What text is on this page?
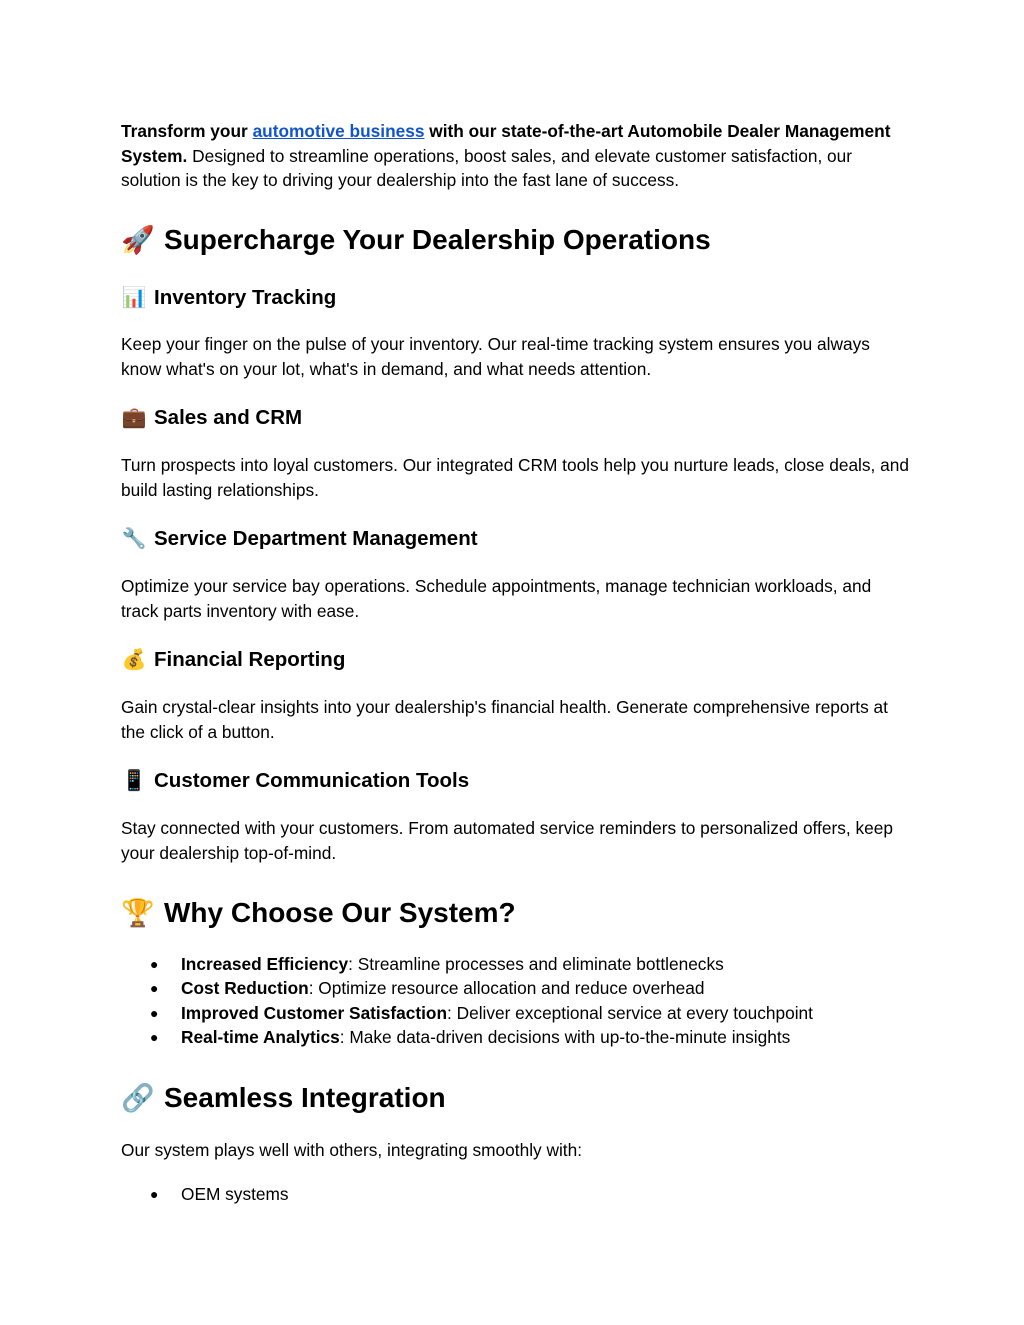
Transform your automotive business with our state-of-the-art Automobile Dealer Management System. Designed to streamline operations, boost sales, and elevate customer satisfaction, our solution is the key to driving your dealership into the fast lane of success.

🚀 Supercharge Your Dealership Operations
📊 Inventory Tracking

Keep your finger on the pulse of your inventory. Our real-time tracking system ensures you always know what's on your lot, what's in demand, and what needs attention.

💼 Sales and CRM

Turn prospects into loyal customers. Our integrated CRM tools help you nurture leads, close deals, and build lasting relationships.

🔧 Service Department Management

Optimize your service bay operations. Schedule appointments, manage technician workloads, and track parts inventory with ease.

💰 Financial Reporting

Gain crystal-clear insights into your dealership's financial health. Generate comprehensive reports at the click of a button.

📱 Customer Communication Tools

Stay connected with your customers. From automated service reminders to personalized offers, keep your dealership top-of-mind.

🏆 Why Choose Our System?
● Increased Efficiency: Streamline processes and eliminate bottlenecks
● Cost Reduction: Optimize resource allocation and reduce overhead
● Improved Customer Satisfaction: Deliver exceptional service at every touchpoint
● Real-time Analytics: Make data-driven decisions with up-to-the-minute insights
🔗 Seamless Integration

Our system plays well with others, integrating smoothly with:

● OEM systems
